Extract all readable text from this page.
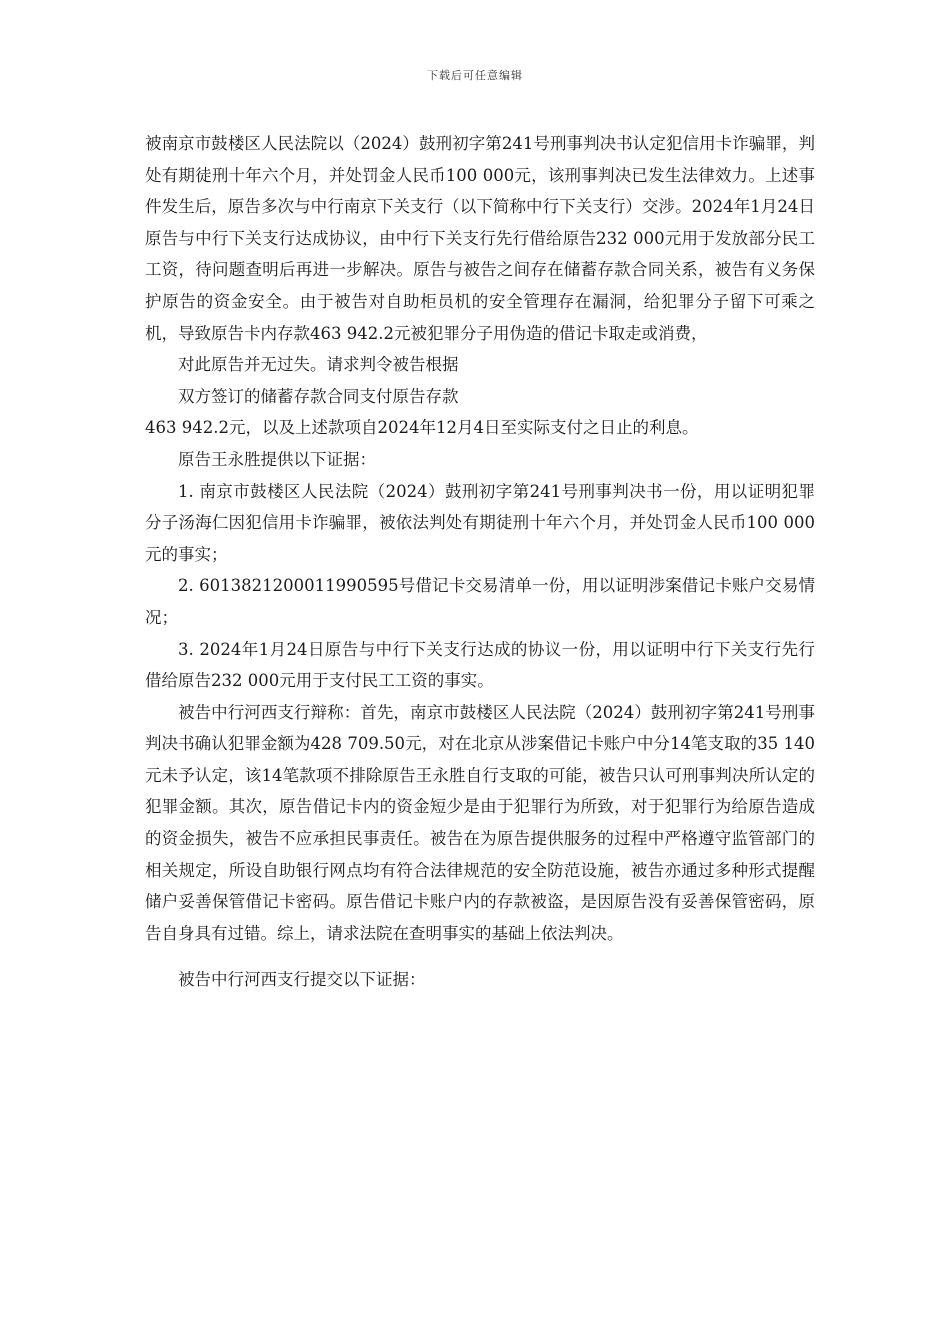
下载后可任意编辑

被南京市鼓楼区人民法院以（2024）鼓刑初字第241号刑事判决书认定犯信用卡诈骗罪，判处有期徒刑十年六个月，并处罚金人民币100 000元，该刑事判决已发生法律效力。上述事件发生后，原告多次与中行南京下关支行（以下简称中行下关支行）交涉。2024年1月24日原告与中行下关支行达成协议，由中行下关支行先行借给原告232 000元用于发放部分民工工资，待问题查明后再进一步解决。原告与被告之间存在储蓄存款合同关系，被告有义务保护原告的资金安全。由于被告对自助柜员机的安全管理存在漏洞，给犯罪分子留下可乘之机，导致原告卡内存款463 942.2元被犯罪分子用伪造的借记卡取走或消费，

对此原告并无过失。请求判令被告根据

双方签订的储蓄存款合同支付原告存款

463 942.2元，以及上述款项自2024年12月4日至实际支付之日止的利息。

原告王永胜提供以下证据：

1. 南京市鼓楼区人民法院（2024）鼓刑初字第241号刑事判决书一份，用以证明犯罪分子汤海仁因犯信用卡诈骗罪，被依法判处有期徒刑十年六个月，并处罚金人民币100 000元的事实；

2. 6013821200011990595号借记卡交易清单一份，用以证明涉案借记卡账户交易情况；

3. 2024年1月24日原告与中行下关支行达成的协议一份，用以证明中行下关支行先行借给原告232 000元用于支付民工工资的事实。

被告中行河西支行辩称：首先，南京市鼓楼区人民法院（2024）鼓刑初字第241号刑事判决书确认犯罪金额为428 709.50元，对在北京从涉案借记卡账户中分14笔支取的35 140元未予认定，该14笔款项不排除原告王永胜自行支取的可能，被告只认可刑事判决所认定的犯罪金额。其次，原告借记卡内的资金短少是由于犯罪行为所致，对于犯罪行为给原告造成的资金损失，被告不应承担民事责任。被告在为原告提供服务的过程中严格遵守监管部门的相关规定，所设自助银行网点均有符合法律规范的安全防范设施，被告亦通过多种形式提醒储户妥善保管借记卡密码。原告借记卡账户内的存款被盗，是因原告没有妥善保管密码，原告自身具有过错。综上，请求法院在查明事实的基础上依法判决。

被告中行河西支行提交以下证据：
